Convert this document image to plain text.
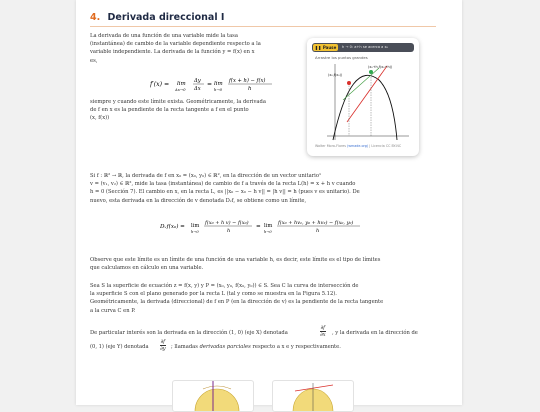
4. Derivada direccional I
La derivada de una función de una variable mide la tasa
(instantánea) de cambio de la variable dependiente respecto a la
variable independiente. La derivada de la función y = f(x) en x
es,
f′(x) = lim
Δx→0
Δy
Δx
= lim
h→0
f(x + h) − f(x)
h
siempre y cuando este límite exista. Geométricamente, la derivada
de f en x es la pendiente de la recta tangente a f en el punto
(x, f(x))
❚❚ Pause	h → 0: a+h se acerca a x₀
Arrastre los puntos grandes
(x₀,f(x₀))
(x₀+h,f(x₀+h))
Walter Mora-Flores (wmade.org) | Licencia CC BY-NC
Si f : ℝ² → ℝ, la derivada de f en x₀ = (x₀, y₀) ∈ ℝ², en la dirección de un vector unitario¹
v = (v₁, v₂) ∈ ℝ², mide la tasa (instantánea) de cambio de f a través de la recta L(h) = x + h v cuando
h = 0 (Sección 7). El cambio en x, en la recta L, es ||x₀ − x₀ − h v|| = |h v|| = h (pues v es unitario). De
nuevo, esta derivada en la dirección de v denotada Dᵥf, se obtiene como un límite,
Dᵥf(x₀) = lim
h→0
f(x₀ + h v) − f(x₀)
h
= lim
h→0
f(x₀ + hv₁, y₀ + hv₂) − f(x₀, y₀)
h
Observe que este límite es un límite de una función de una variable h, es decir, este límite es el tipo de límites
que calculamos en cálculo en una variable.
Sea S la superficie de ecuación z = f(x, y) y P = (x₀, y₀, f(x₀, y₀)) ∈ S. Sea C la curva de intersección de
la superficie S con el plano generado por la recta L (tal y como se muestra en la Figura 5.12).
Geométricamente, la derivada (direccional) de f en P (en la dirección de v) es la pendiente de la recta tangente
a la curva C en P.
De particular interés son la derivada en la dirección (1, 0) (eje X) denotada	$\frac{\partial f}{\partial x}$ , y la derivada en la dirección de
(0, 1) (eje Y) denotada $\frac{\partial f}{\partial y}$ ; llamadas derivadas parciales respecto a x e y respectivamente.
